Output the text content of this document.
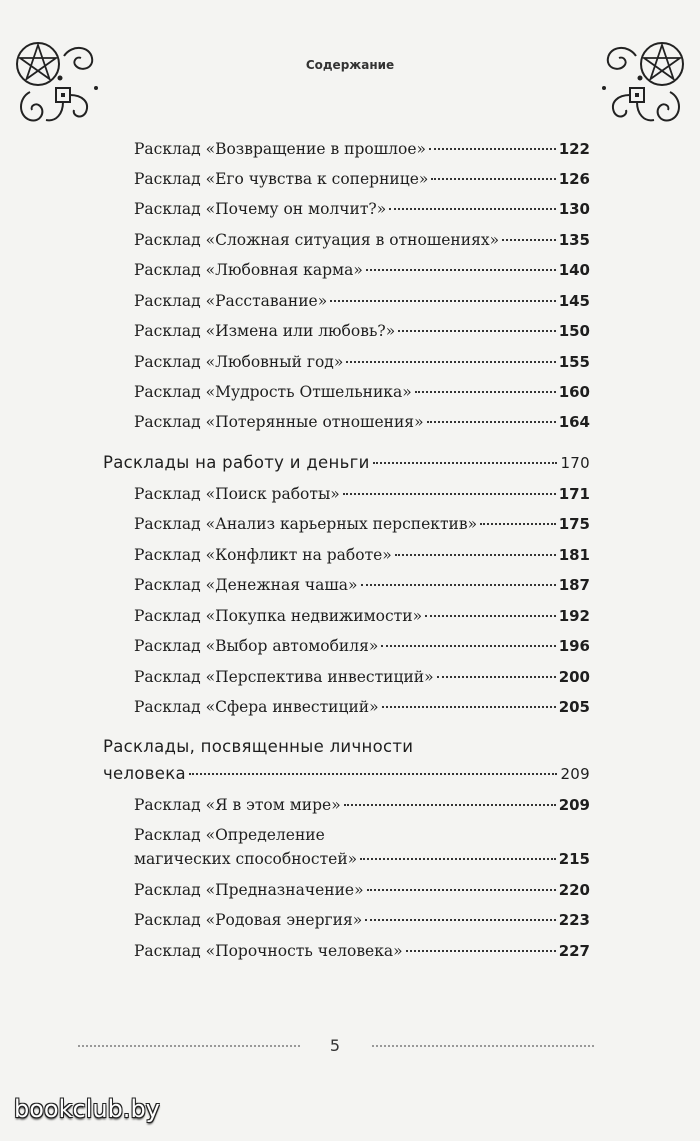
Содержание
Расклад «Возвращение в прошлое»	122
Расклад «Его чувства к сопернице»	126
Расклад «Почему он молчит?»	130
Расклад «Сложная ситуация в отношениях»	135
Расклад «Любовная карма»	140
Расклад «Расставание»	145
Расклад «Измена или любовь?»	150
Расклад «Любовный год»	155
Расклад «Мудрость Отшельника»	160
Расклад «Потерянные отношения»	164
Расклады на работу и деньги	170
Расклад «Поиск работы»	171
Расклад «Анализ карьерных перспектив»	175
Расклад «Конфликт на работе»	181
Расклад «Денежная чаша»	187
Расклад «Покупка недвижимости»	192
Расклад «Выбор автомобиля»	196
Расклад «Перспектива инвестиций»	200
Расклад «Сфера инвестиций»	205
Расклады, посвященные личности
человека	209
Расклад «Я в этом мире»	209
Расклад «Определение
магических способностей»	215
Расклад «Предназначение»	220
Расклад «Родовая энергия»	223
Расклад «Порочность человека»	227
5
bookclub.by
